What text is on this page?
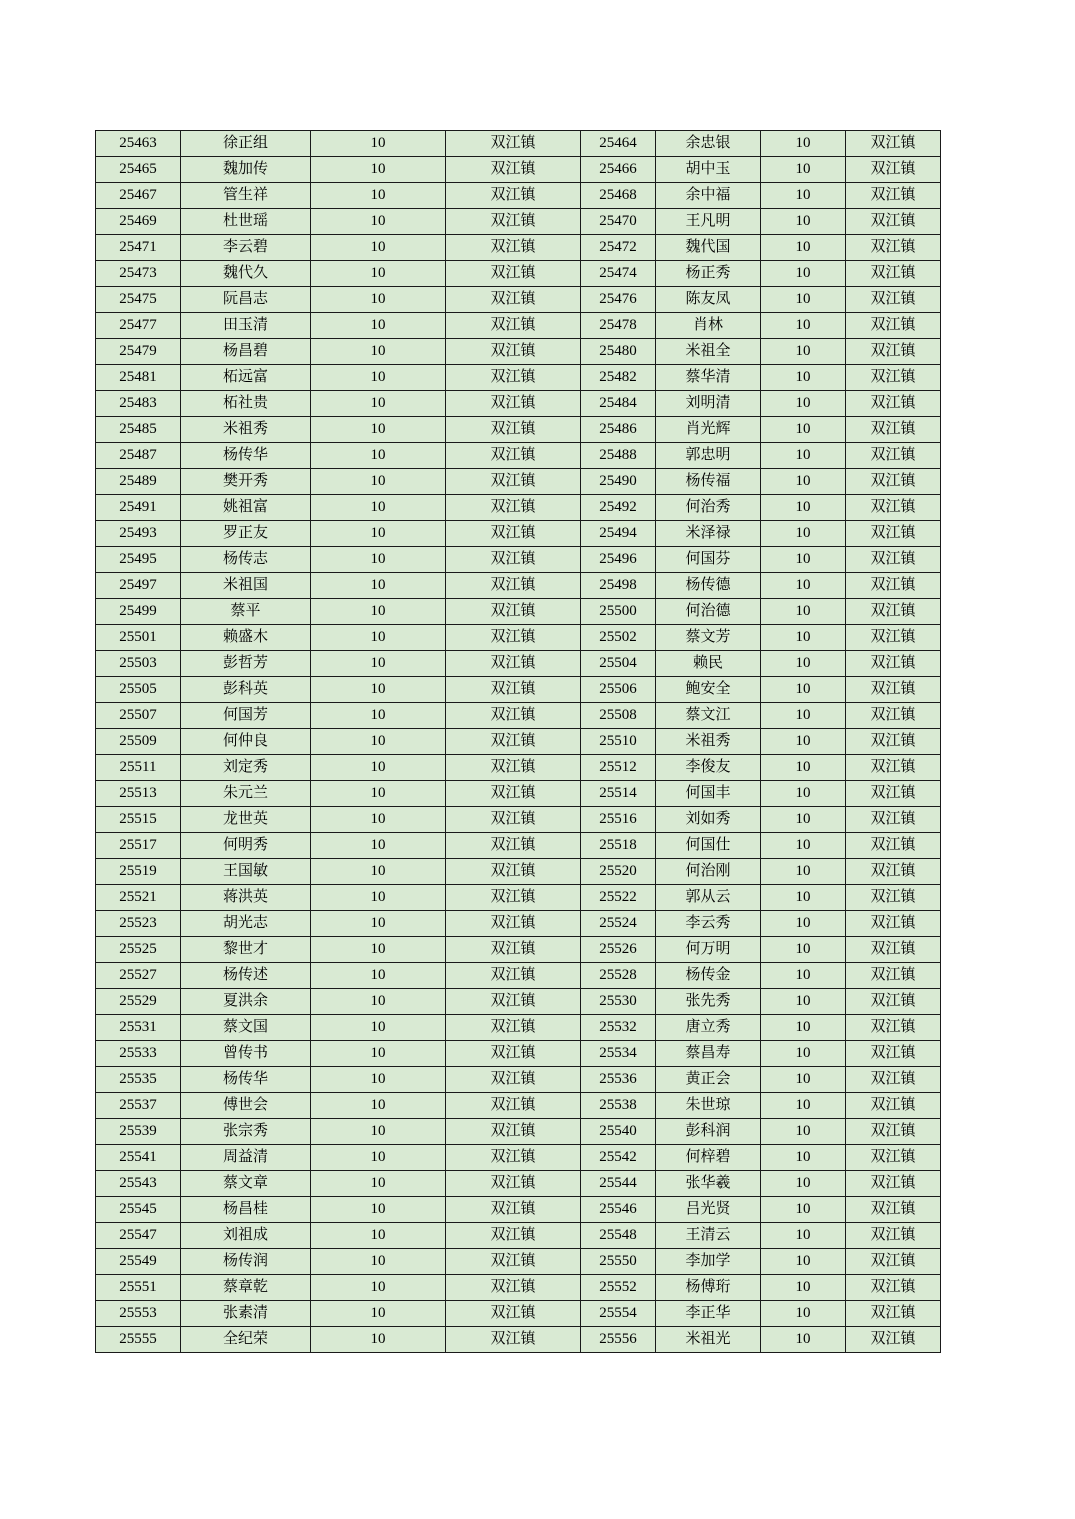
25463	徐正组	10	双江镇	25464	余忠银	10	双江镇
25465	魏加传	10	双江镇	25466	胡中玉	10	双江镇
25467	管生祥	10	双江镇	25468	余中福	10	双江镇
25469	杜世瑶	10	双江镇	25470	王凡明	10	双江镇
25471	李云碧	10	双江镇	25472	魏代国	10	双江镇
25473	魏代久	10	双江镇	25474	杨正秀	10	双江镇
25475	阮昌志	10	双江镇	25476	陈友凤	10	双江镇
25477	田玉清	10	双江镇	25478	肖林	10	双江镇
25479	杨昌碧	10	双江镇	25480	米祖全	10	双江镇
25481	柘远富	10	双江镇	25482	蔡华清	10	双江镇
25483	柘社贵	10	双江镇	25484	刘明清	10	双江镇
25485	米祖秀	10	双江镇	25486	肖光辉	10	双江镇
25487	杨传华	10	双江镇	25488	郭忠明	10	双江镇
25489	樊开秀	10	双江镇	25490	杨传福	10	双江镇
25491	姚祖富	10	双江镇	25492	何治秀	10	双江镇
25493	罗正友	10	双江镇	25494	米泽禄	10	双江镇
25495	杨传志	10	双江镇	25496	何国芬	10	双江镇
25497	米祖国	10	双江镇	25498	杨传德	10	双江镇
25499	蔡平	10	双江镇	25500	何治德	10	双江镇
25501	赖盛木	10	双江镇	25502	蔡文芳	10	双江镇
25503	彭哲芳	10	双江镇	25504	赖民	10	双江镇
25505	彭科英	10	双江镇	25506	鲍安全	10	双江镇
25507	何国芳	10	双江镇	25508	蔡文江	10	双江镇
25509	何仲良	10	双江镇	25510	米祖秀	10	双江镇
25511	刘定秀	10	双江镇	25512	李俊友	10	双江镇
25513	朱元兰	10	双江镇	25514	何国丰	10	双江镇
25515	龙世英	10	双江镇	25516	刘如秀	10	双江镇
25517	何明秀	10	双江镇	25518	何国仕	10	双江镇
25519	王国敏	10	双江镇	25520	何治刚	10	双江镇
25521	蒋洪英	10	双江镇	25522	郭从云	10	双江镇
25523	胡光志	10	双江镇	25524	李云秀	10	双江镇
25525	黎世才	10	双江镇	25526	何万明	10	双江镇
25527	杨传述	10	双江镇	25528	杨传金	10	双江镇
25529	夏洪余	10	双江镇	25530	张先秀	10	双江镇
25531	蔡文国	10	双江镇	25532	唐立秀	10	双江镇
25533	曾传书	10	双江镇	25534	蔡昌寿	10	双江镇
25535	杨传华	10	双江镇	25536	黄正会	10	双江镇
25537	傅世会	10	双江镇	25538	朱世琼	10	双江镇
25539	张宗秀	10	双江镇	25540	彭科润	10	双江镇
25541	周益清	10	双江镇	25542	何梓碧	10	双江镇
25543	蔡文章	10	双江镇	25544	张华羲	10	双江镇
25545	杨昌桂	10	双江镇	25546	吕光贤	10	双江镇
25547	刘祖成	10	双江镇	25548	王清云	10	双江镇
25549	杨传润	10	双江镇	25550	李加学	10	双江镇
25551	蔡章乾	10	双江镇	25552	杨傅珩	10	双江镇
25553	张素清	10	双江镇	25554	李正华	10	双江镇
25555	全纪荣	10	双江镇	25556	米祖光	10	双江镇
